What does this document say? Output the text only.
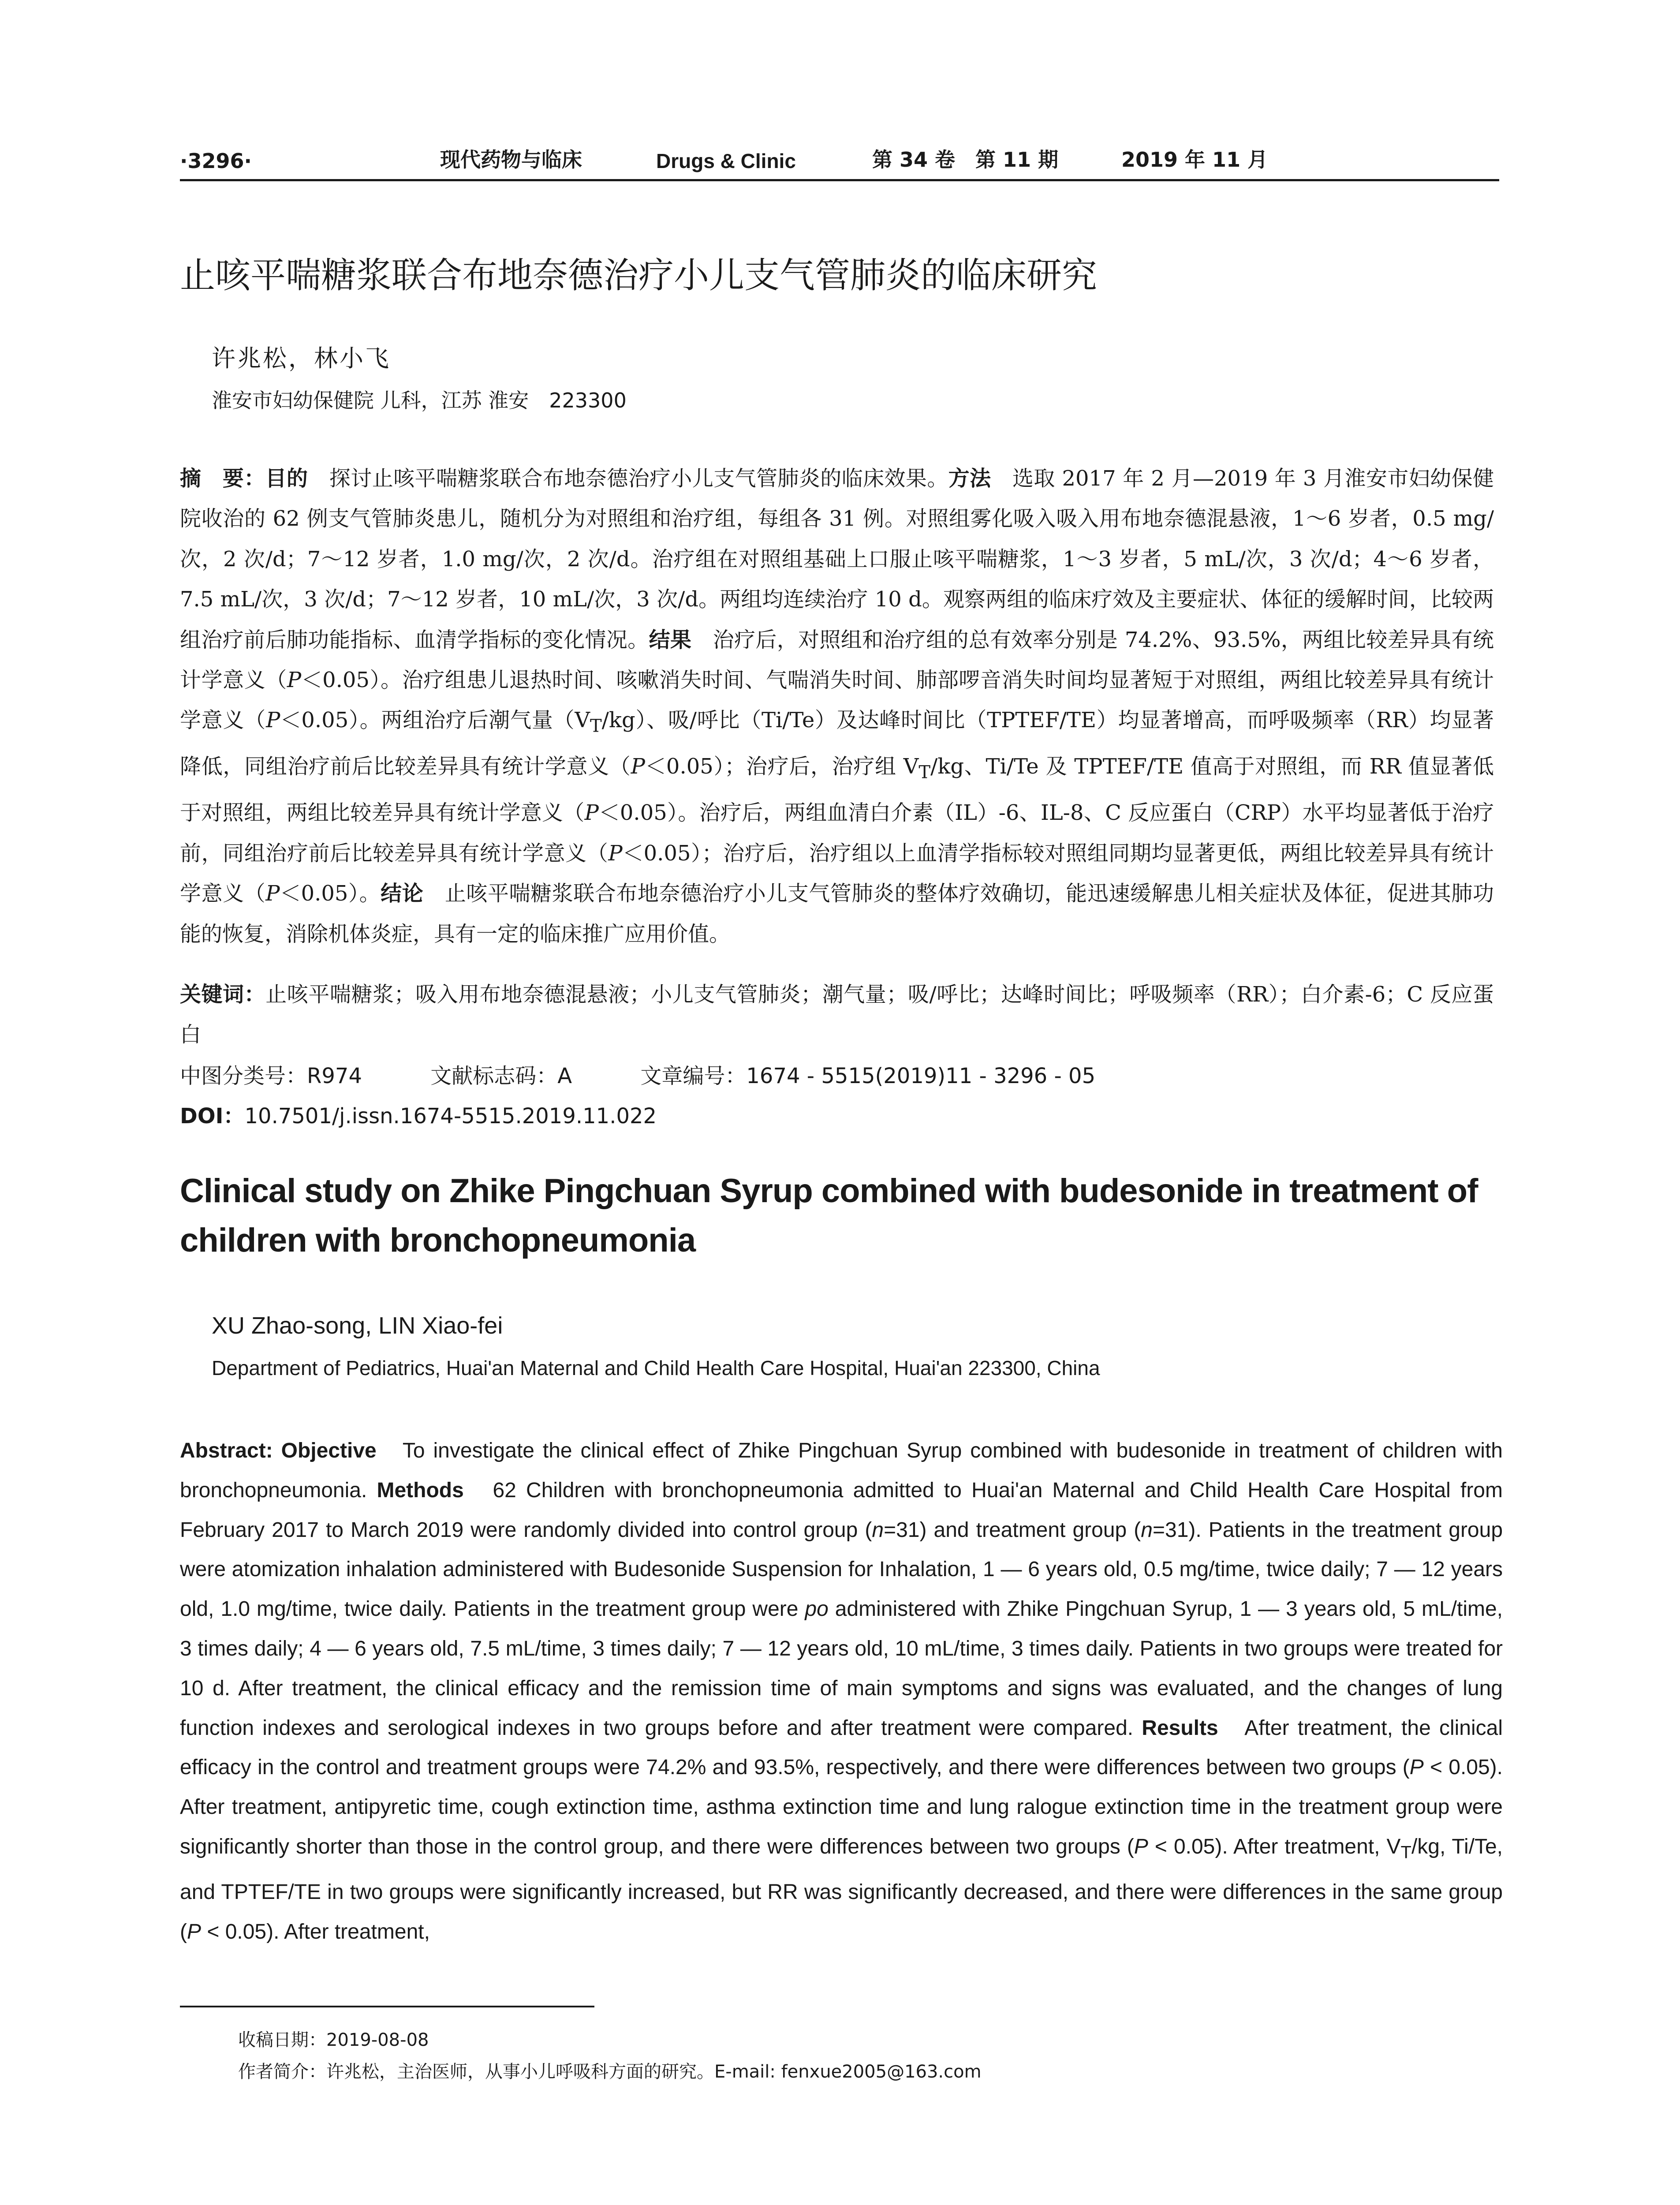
·3296·	现代药物与临床	Drugs & Clinic	第 34 卷　第 11 期	2019 年 11 月
止咳平喘糖浆联合布地奈德治疗小儿支气管肺炎的临床研究
许兆松，林小飞
淮安市妇幼保健院 儿科，江苏 淮安　223300
摘　要：目的　探讨止咳平喘糖浆联合布地奈德治疗小儿支气管肺炎的临床效果。方法　选取 2017 年 2 月—2019 年 3 月淮安市妇幼保健院收治的 62 例支气管肺炎患儿，随机分为对照组和治疗组，每组各 31 例。对照组雾化吸入吸入用布地奈德混悬液，1～6 岁者，0.5 mg/次，2 次/d；7～12 岁者，1.0 mg/次，2 次/d。治疗组在对照组基础上口服止咳平喘糖浆，1～3 岁者，5 mL/次，3 次/d；4～6 岁者，7.5 mL/次，3 次/d；7～12 岁者，10 mL/次，3 次/d。两组均连续治疗 10 d。观察两组的临床疗效及主要症状、体征的缓解时间，比较两组治疗前后肺功能指标、血清学指标的变化情况。结果　治疗后，对照组和治疗组的总有效率分别是 74.2%、93.5%，两组比较差异具有统计学意义（P＜0.05）。治疗组患儿退热时间、咳嗽消失时间、气喘消失时间、肺部啰音消失时间均显著短于对照组，两组比较差异具有统计学意义（P＜0.05）。两组治疗后潮气量$(V_T/kg)$、吸/呼比（Ti/Te）及达峰时间比（TPTEF/TE）均显著增高，而呼吸频率（RR）均显著降低，同组治疗前后比较差异具有统计学意义（P＜0.05）；治疗后，治疗组 $V_T/kg$、Ti/Te 及 TPTEF/TE 值高于对照组，而 RR 值显著低于对照组，两组比较差异具有统计学意义（P＜0.05）。治疗后，两组血清白介素（IL）-6、IL-8、C 反应蛋白（CRP）水平均显著低于治疗前，同组治疗前后比较差异具有统计学意义（P＜0.05）；治疗后，治疗组以上血清学指标较对照组同期均显著更低，两组比较差异具有统计学意义（P＜0.05）。结论　止咳平喘糖浆联合布地奈德治疗小儿支气管肺炎的整体疗效确切，能迅速缓解患儿相关症状及体征，促进其肺功能的恢复，消除机体炎症，具有一定的临床推广应用价值。
关键词：止咳平喘糖浆；吸入用布地奈德混悬液；小儿支气管肺炎；潮气量；吸/呼比；达峰时间比；呼吸频率（RR）；白介素-6；C 反应蛋白
中图分类号：R974	文献标志码：A	文章编号：1674 - 5515(2019)11 - 3296 - 05
DOI：10.7501/j.issn.1674-5515.2019.11.022
Clinical study on Zhike Pingchuan Syrup combined with budesonide in treatment of children with bronchopneumonia
XU Zhao-song, LIN Xiao-fei
Department of Pediatrics, Huai'an Maternal and Child Health Care Hospital, Huai'an 223300, China
Abstract: Objective　To investigate the clinical effect of Zhike Pingchuan Syrup combined with budesonide in treatment of children with bronchopneumonia. Methods　62 Children with bronchopneumonia admitted to Huai'an Maternal and Child Health Care Hospital from February 2017 to March 2019 were randomly divided into control group (n=31) and treatment group (n=31). Patients in the treatment group were atomization inhalation administered with Budesonide Suspension for Inhalation, 1 — 6 years old, 0.5 mg/time, twice daily; 7 — 12 years old, 1.0 mg/time, twice daily. Patients in the treatment group were po administered with Zhike Pingchuan Syrup, 1 — 3 years old, 5 mL/time, 3 times daily; 4 — 6 years old, 7.5 mL/time, 3 times daily; 7 — 12 years old, 10 mL/time, 3 times daily. Patients in two groups were treated for 10 d. After treatment, the clinical efficacy and the remission time of main symptoms and signs was evaluated, and the changes of lung function indexes and serological indexes in two groups before and after treatment were compared. Results　After treatment, the clinical efficacy in the control and treatment groups were 74.2% and 93.5%, respectively, and there were differences between two groups (P < 0.05). After treatment, antipyretic time, cough extinction time, asthma extinction time and lung ralogue extinction time in the treatment group were significantly shorter than those in the control group, and there were differences between two groups (P < 0.05). After treatment, $V_T/kg$, Ti/Te, and TPTEF/TE in two groups were significantly increased, but RR was significantly decreased, and there were differences in the same group (P < 0.05). After treatment,
收稿日期：2019-08-08
作者简介：许兆松，主治医师，从事小儿呼吸科方面的研究。E-mail: fenxue2005@163.com
